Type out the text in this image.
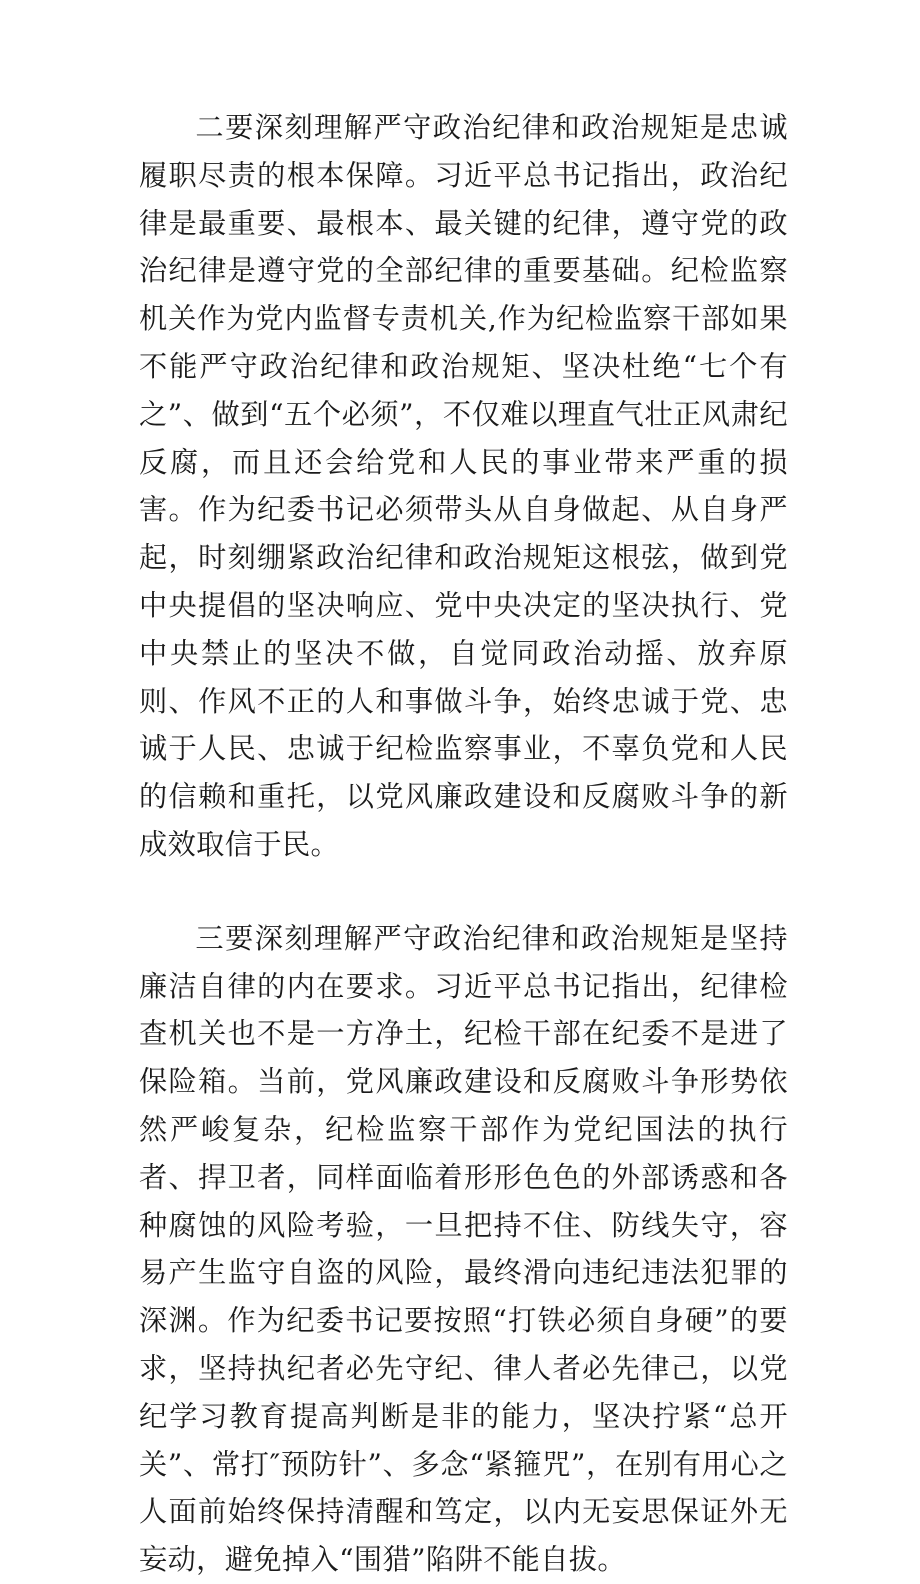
二要深刻理解严守政治纪律和政治规矩是忠诚履职尽责的根本保障。习近平总书记指出，政治纪律是最重要、最根本、最关键的纪律，遵守党的政治纪律是遵守党的全部纪律的重要基础。纪检监察机关作为党内监督专责机关,作为纪检监察干部如果不能严守政治纪律和政治规矩、坚决杜绝“七个有之”、做到“五个必须”，不仅难以理直气壮正风肃纪反腐，而且还会给党和人民的事业带来严重的损害。作为纪委书记必须带头从自身做起、从自身严起，时刻绷紧政治纪律和政治规矩这根弦，做到党中央提倡的坚决响应、党中央决定的坚决执行、党中央禁止的坚决不做，自觉同政治动摇、放弃原则、作风不正的人和事做斗争，始终忠诚于党、忠诚于人民、忠诚于纪检监察事业，不辜负党和人民的信赖和重托，以党风廉政建设和反腐败斗争的新成效取信于民。

三要深刻理解严守政治纪律和政治规矩是坚持廉洁自律的内在要求。习近平总书记指出，纪律检查机关也不是一方净土，纪检干部在纪委不是进了保险箱。当前，党风廉政建设和反腐败斗争形势依然严峻复杂，纪检监察干部作为党纪国法的执行者、捍卫者，同样面临着形形色色的外部诱惑和各种腐蚀的风险考验，一旦把持不住、防线失守，容易产生监守自盗的风险，最终滑向违纪违法犯罪的深渊。作为纪委书记要按照“打铁必须自身硬”的要求，坚持执纪者必先守纪、律人者必先律己，以党纪学习教育提高判断是非的能力，坚决拧紧“总开关”、常打″预防针”、多念“紧箍咒”，在别有用心之人面前始终保持清醒和笃定，以内无妄思保证外无妄动，避免掉入“围猎”陷阱不能自拔。
